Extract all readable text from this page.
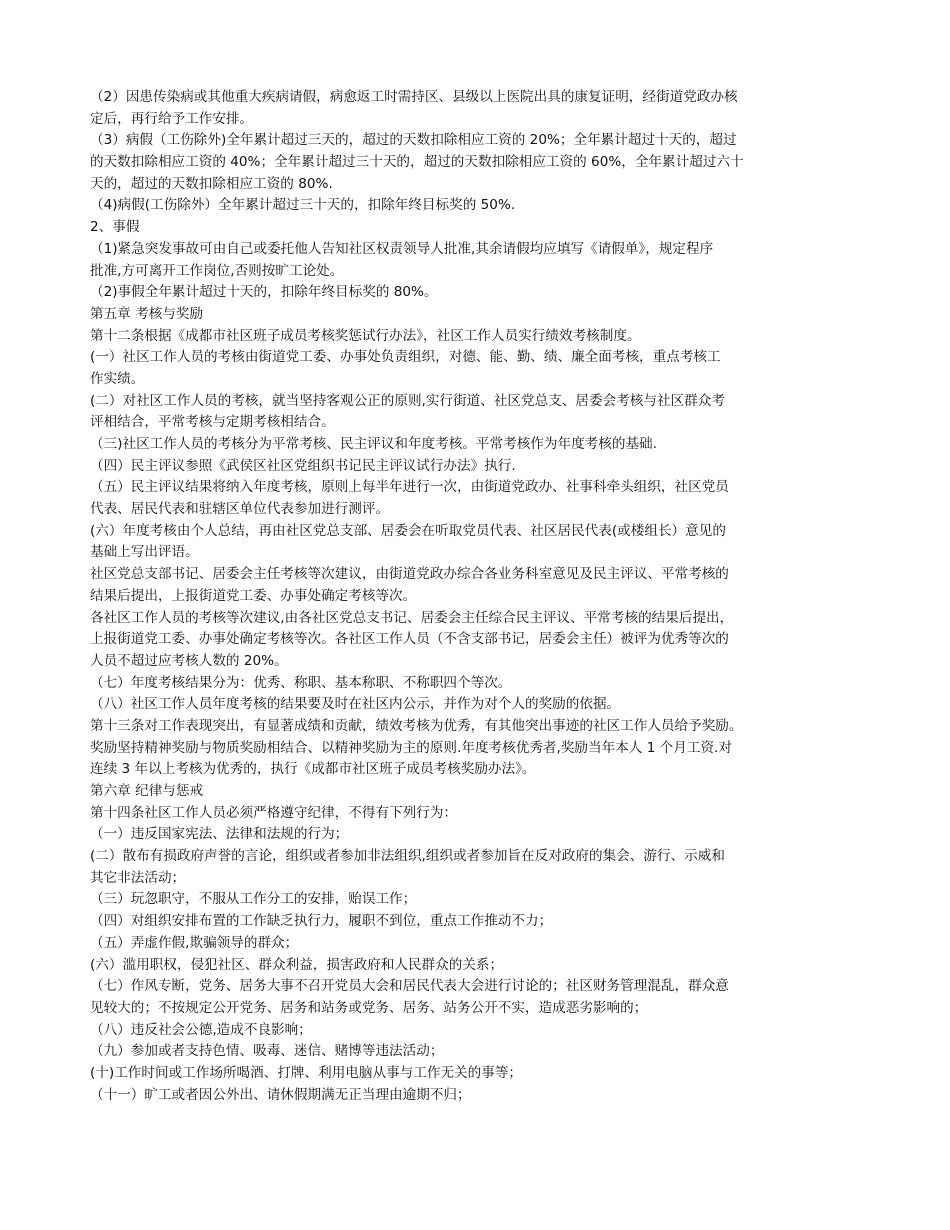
（2）因患传染病或其他重大疾病请假，病愈返工时需持区、县级以上医院出具的康复证明，经街道党政办核
定后，再行给予工作安排。
（3）病假（工伤除外)全年累计超过三天的，超过的天数扣除相应工资的 20%；全年累计超过十天的，超过
的天数扣除相应工资的 40%；全年累计超过三十天的，超过的天数扣除相应工资的 60%，全年累计超过六十
天的，超过的天数扣除相应工资的 80%.
（4)病假(工伤除外）全年累计超过三十天的，扣除年终目标奖的 50%.
2、事假
（1)紧急突发事故可由自己或委托他人告知社区权责领导人批准,其余请假均应填写《请假单》，规定程序
批准,方可离开工作岗位,否则按旷工论处。
（2)事假全年累计超过十天的，扣除年终目标奖的 80%。
第五章 考核与奖励
第十二条根据《成都市社区班子成员考核奖惩试行办法》，社区工作人员实行绩效考核制度。
(一）社区工作人员的考核由街道党工委、办事处负责组织，对德、能、勤、绩、廉全面考核，重点考核工
作实绩。
(二）对社区工作人员的考核，就当坚持客观公正的原则,实行街道、社区党总支、居委会考核与社区群众考
评相结合，平常考核与定期考核相结合。
（三)社区工作人员的考核分为平常考核、民主评议和年度考核。平常考核作为年度考核的基础.
（四）民主评议参照《武侯区社区党组织书记民主评议试行办法》执行.
（五）民主评议结果将纳入年度考核，原则上每半年进行一次，由街道党政办、社事科牵头组织，社区党员
代表、居民代表和驻辖区单位代表参加进行测评。
(六）年度考核由个人总结，再由社区党总支部、居委会在听取党员代表、社区居民代表(或楼组长）意见的
基础上写出评语。
社区党总支部书记、居委会主任考核等次建议，由街道党政办综合各业务科室意见及民主评议、平常考核的
结果后提出，上报街道党工委、办事处确定考核等次。
各社区工作人员的考核等次建议,由各社区党总支书记、居委会主任综合民主评议、平常考核的结果后提出，
上报街道党工委、办事处确定考核等次。各社区工作人员（不含支部书记，居委会主任）被评为优秀等次的
人员不超过应考核人数的 20%。
（七）年度考核结果分为：优秀、称职、基本称职、不称职四个等次。
（八）社区工作人员年度考核的结果要及时在社区内公示，并作为对个人的奖励的依据。
第十三条对工作表现突出，有显著成绩和贡献，绩效考核为优秀，有其他突出事迹的社区工作人员给予奖励。
奖励坚持精神奖励与物质奖励相结合、以精神奖励为主的原则.年度考核优秀者,奖励当年本人 1 个月工资.对
连续 3 年以上考核为优秀的，执行《成都市社区班子成员考核奖励办法》。
第六章 纪律与惩戒
第十四条社区工作人员必须严格遵守纪律，不得有下列行为：
（一）违反国家宪法、法律和法规的行为；
(二）散布有损政府声誉的言论，组织或者参加非法组织,组织或者参加旨在反对政府的集会、游行、示威和
其它非法活动；
（三）玩忽职守，不服从工作分工的安排，贻误工作；
（四）对组织安排布置的工作缺乏执行力，履职不到位，重点工作推动不力；
（五）弄虚作假,欺骗领导的群众；
(六）滥用职权，侵犯社区、群众利益，损害政府和人民群众的关系；
（七）作风专断，党务、居务大事不召开党员大会和居民代表大会进行讨论的；社区财务管理混乱，群众意
见较大的；不按规定公开党务、居务和站务或党务、居务、站务公开不实，造成恶劣影响的；
（八）违反社会公德,造成不良影响；
（九）参加或者支持色情、吸毒、迷信、赌博等违法活动；
(十)工作时间或工作场所喝酒、打牌、利用电脑从事与工作无关的事等；
（十一）旷工或者因公外出、请休假期满无正当理由逾期不归；
